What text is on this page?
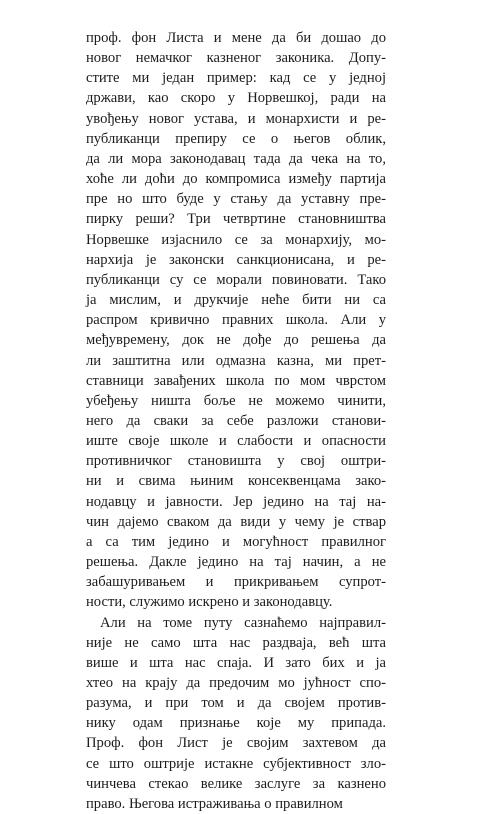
проф. фон Листа и мене да би дошао до
новог немачког казненог законика. Допу-
стите ми један пример: кад се у једној
држави, као скоро у Норвешкој, ради на
увођењу новог устава, и монархисти и ре-
публиканци препиру се о његов облик,
да ли мора законодавац тада да чека на то,
хоће ли доћи до компромиса између партија
пре но што буде у стању да уставну пре-
пирку реши? Три четвртине становништва
Норвешке изјаснило се за монархију, мо-
нархија је законски санкционисана, и ре-
публиканци су се морали повиновати. Тако
ја мислим, и друкчије неће бити ни са
распром кривично правних школа. Али у
међувремену, док не дође до решења да
ли заштитна или одмазна казна, ми прет-
ставници завађених школа по мом чврстом
убеђењу ништа боље не можемо чинити,
него да сваки за себе разложи станови-
иште своје школе и слабости и опасности
противничког становишта у свој оштри-
ни и свима њиним консеквенцама зако-
нодавцу и јавности. Јер једино на тај на-
чин дајемо сваком да види у чему је ствар
а са тим једино и могућност правилног
решења. Дакле једино на тај начин, а не
забашуривањем и прикривањем супрот-
ности, служимо искрено и законодавцу.
Али на томе путу сазнаћемо најправил-
није не само шта нас раздваја, већ шта
више и шта нас спаја. И зато бих и ја
хтео на крају да предочим мо јућност спо-
разума, и при том и да својем против-
нику одам признање које му припада.
Проф. фон Лист је својим захтевом да
се што оштрије истакне субјективност зло-
чинчева стекао велике заслуге за казнено
право. Његова истраживања о правилном
